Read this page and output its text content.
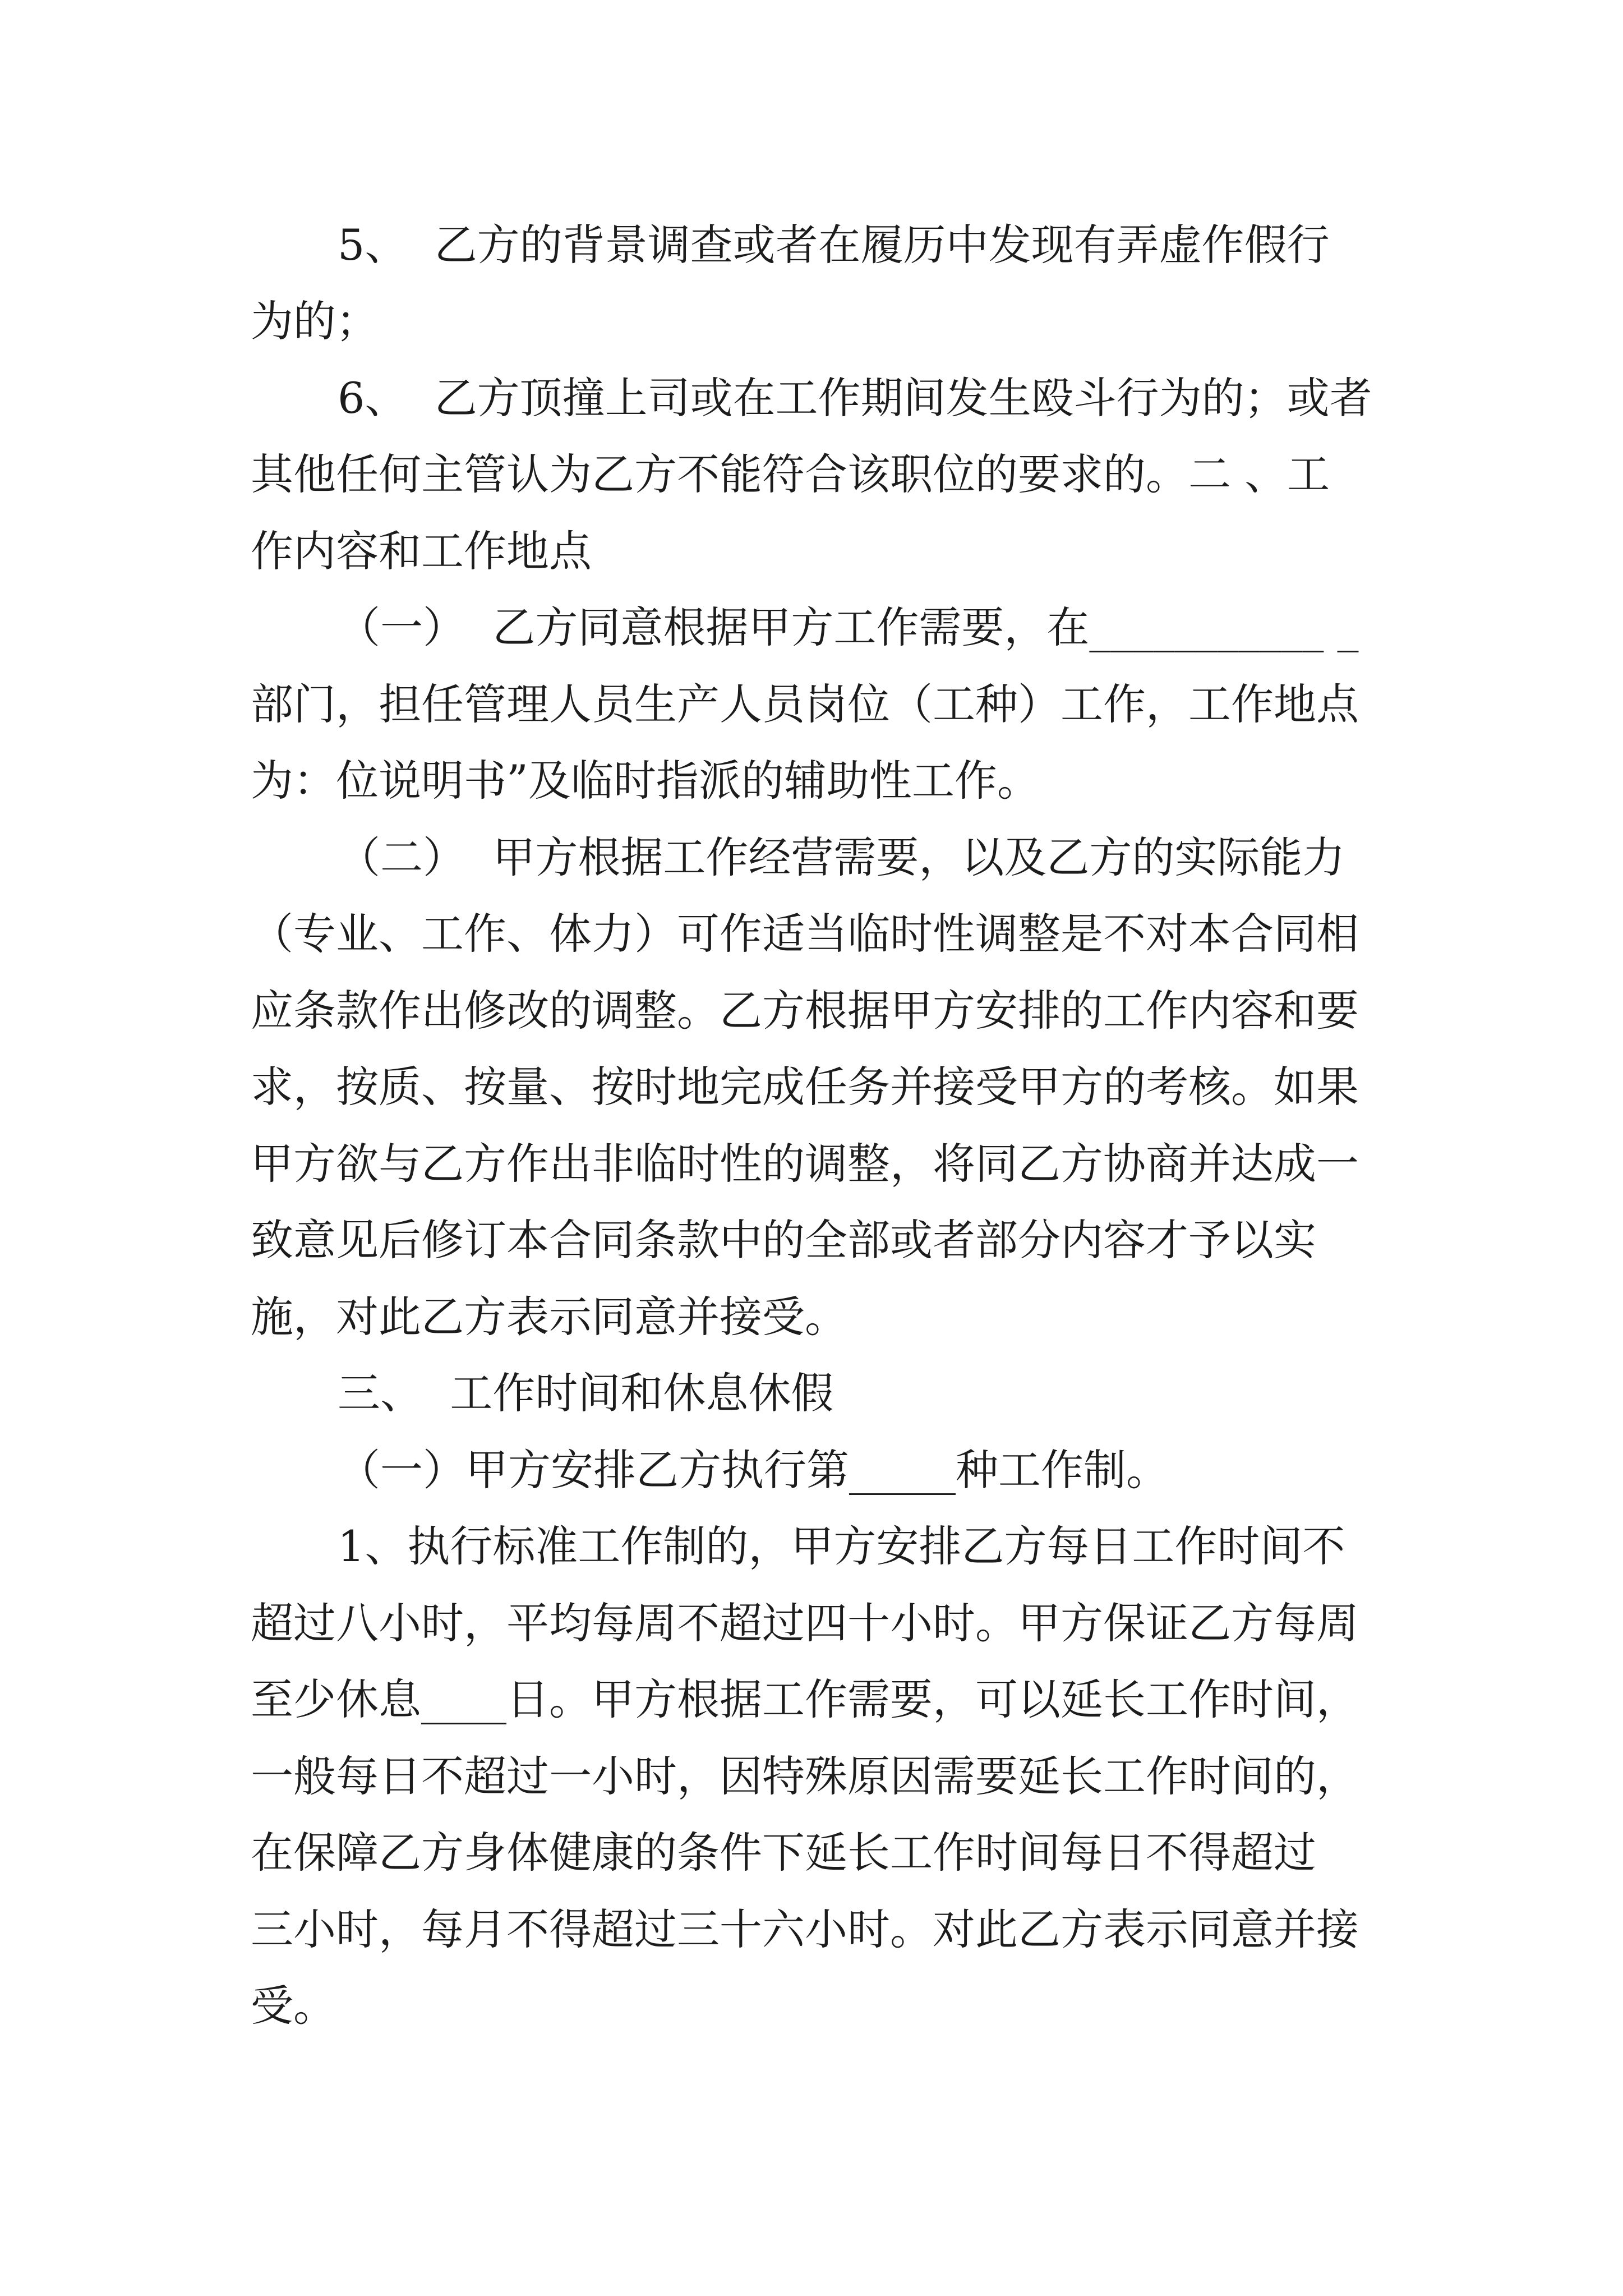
5、  乙方的背景调查或者在履历中发现有弄虚作假行
为的；
6、  乙方顶撞上司或在工作期间发生殴斗行为的；或者
其他任何主管认为乙方不能符合该职位的要求的。二 、工
作内容和工作地点
（一）  乙方同意根据甲方工作需要，在___________ _
部门，担任管理人员生产人员岗位（工种）工作，工作地点
为：位说明书”及临时指派的辅助性工作。
（二）  甲方根据工作经营需要，以及乙方的实际能力
（专业、工作、体力）可作适当临时性调整是不对本合同相
应条款作出修改的调整。乙方根据甲方安排的工作内容和要
求，按质、按量、按时地完成任务并接受甲方的考核。如果
甲方欲与乙方作出非临时性的调整，将同乙方协商并达成一
致意见后修订本合同条款中的全部或者部分内容才予以实
施，对此乙方表示同意并接受。
三、  工作时间和休息休假
（一）甲方安排乙方执行第_____种工作制。
1、执行标准工作制的，甲方安排乙方每日工作时间不
超过八小时，平均每周不超过四十小时。甲方保证乙方每周
至少休息____日。甲方根据工作需要，可以延长工作时间，
一般每日不超过一小时，因特殊原因需要延长工作时间的，
在保障乙方身体健康的条件下延长工作时间每日不得超过
三小时，每月不得超过三十六小时。对此乙方表示同意并接
受。
